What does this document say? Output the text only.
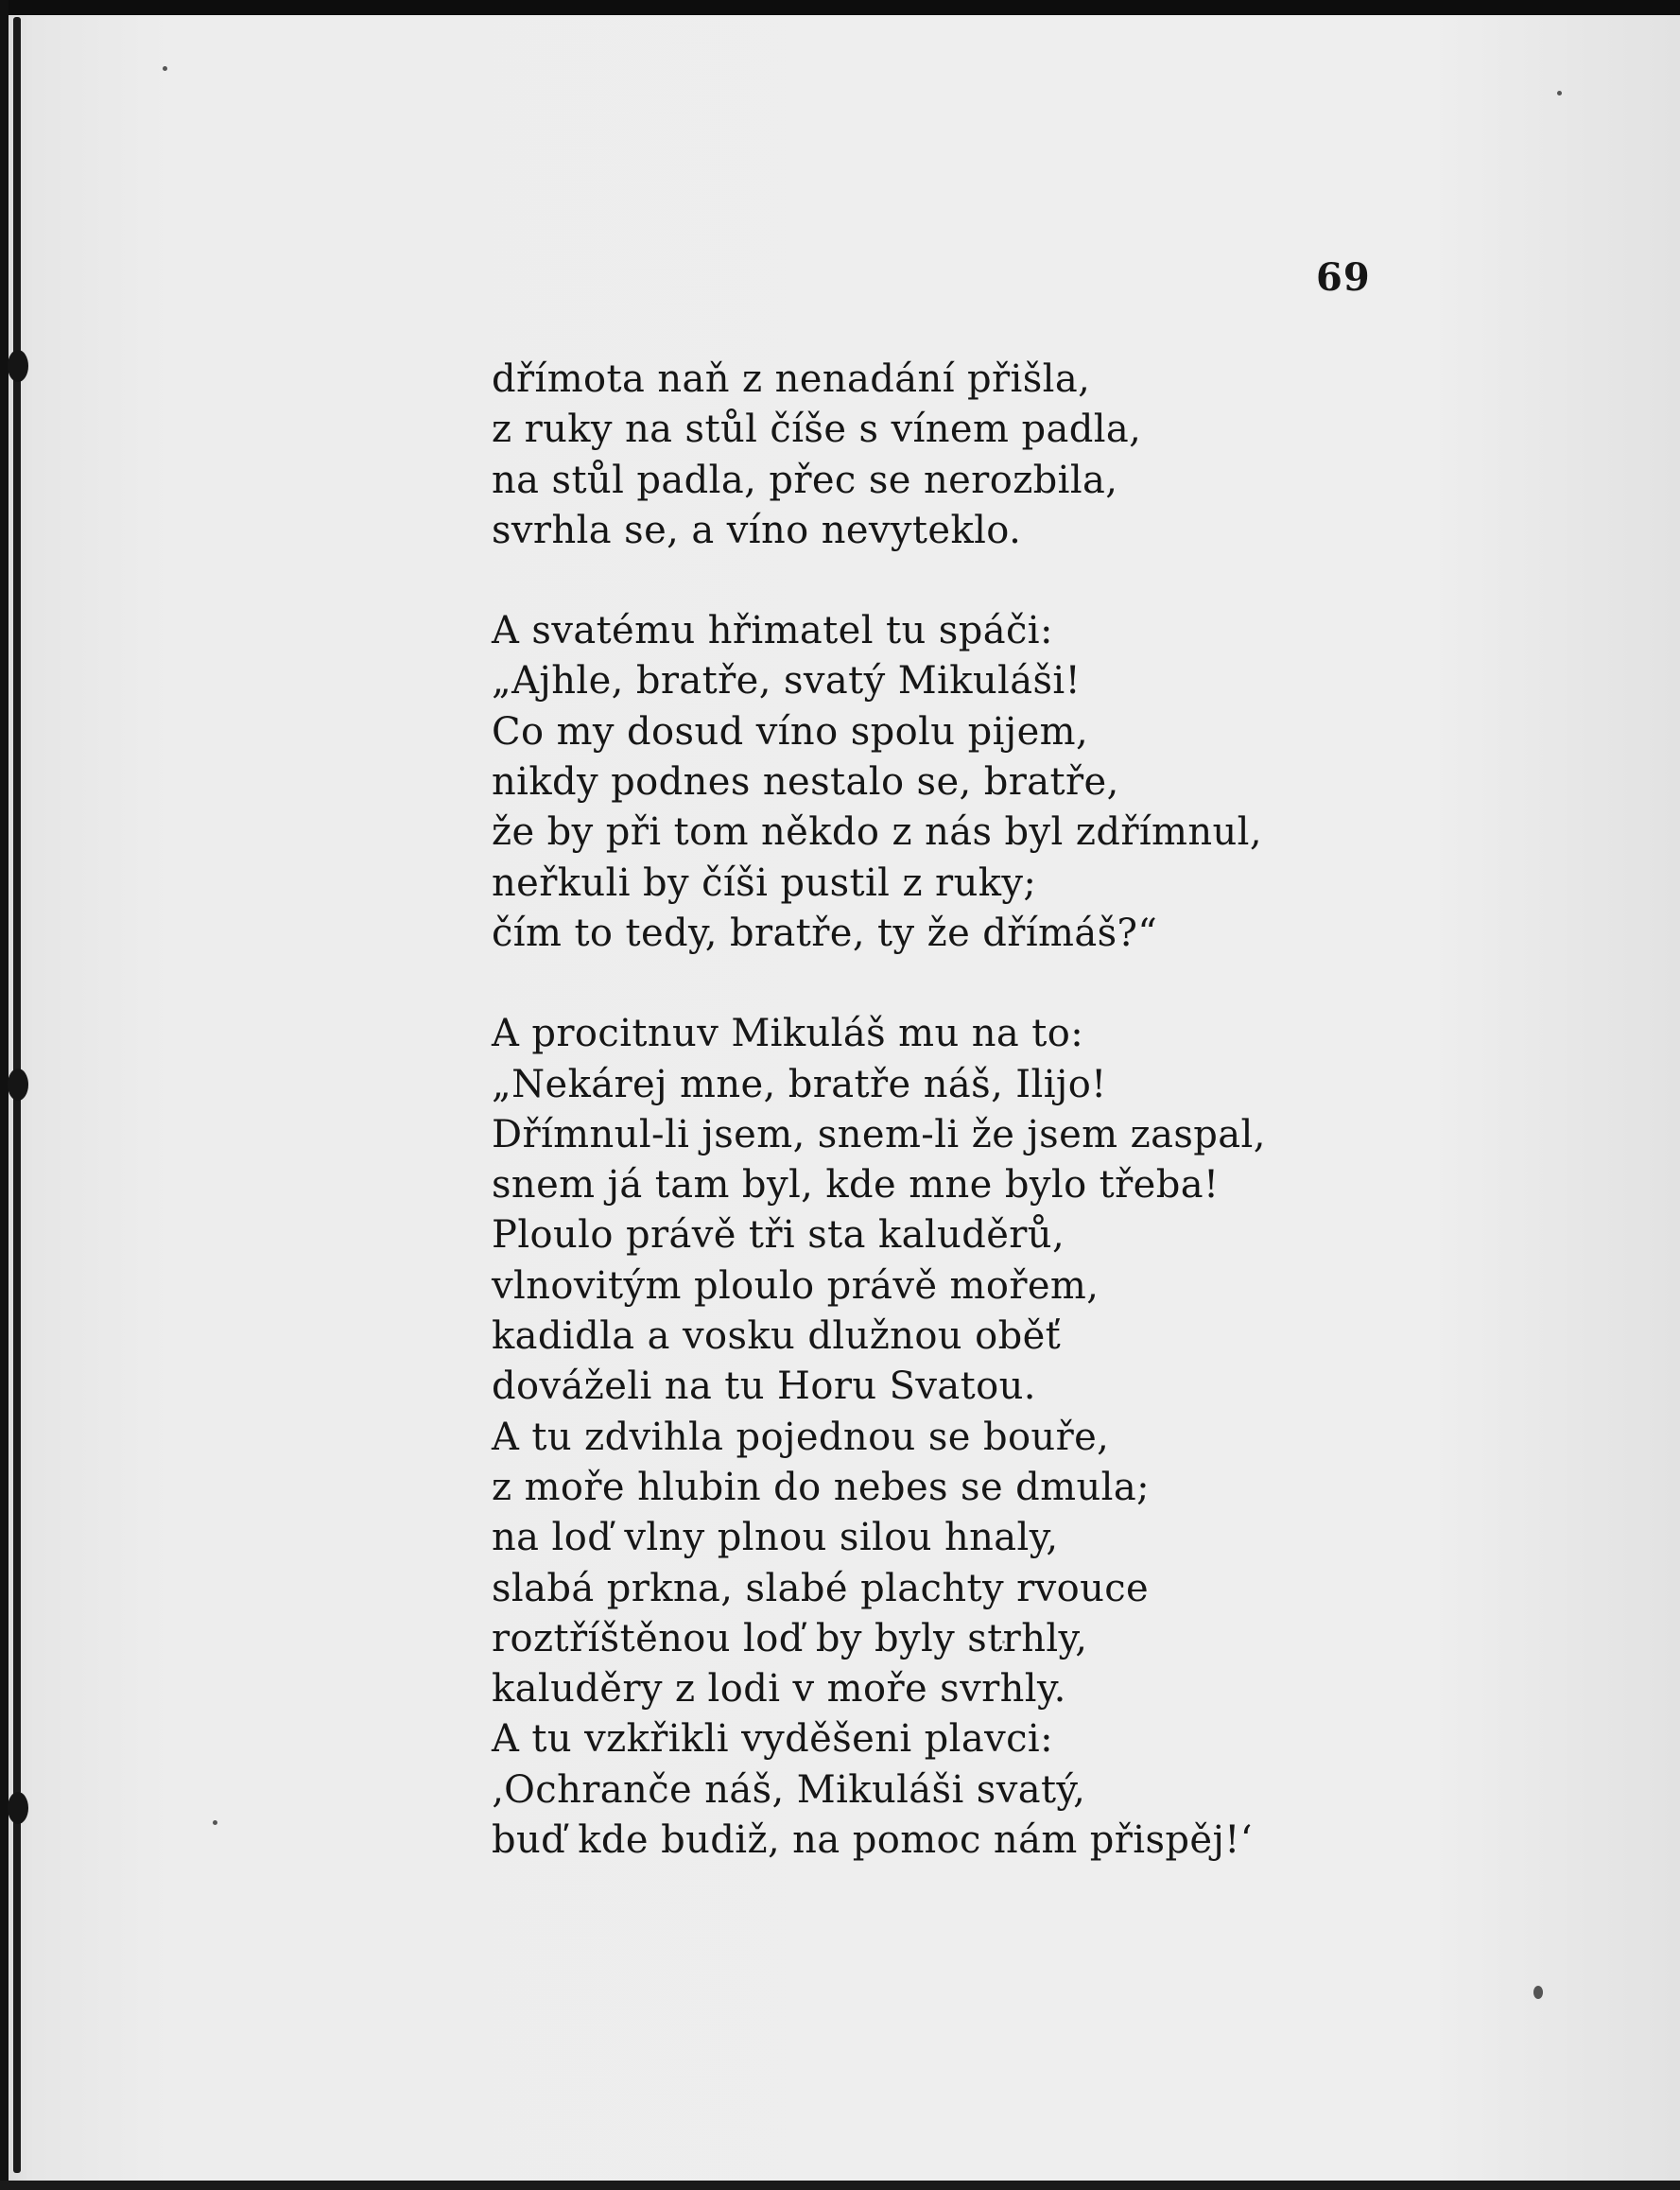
69
dřímota naň z nenadání přišla,
z ruky na stůl číše s vínem padla,
na stůl padla, přec se nerozbila,
svrhla se, a víno nevyteklo.
A svatému hřimatel tu spáči:
„Ajhle, bratře, svatý Mikuláši!
Co my dosud víno spolu pijem,
nikdy podnes nestalo se, bratře,
že by při tom někdo z nás byl zdřímnul,
neřkuli by číši pustil z ruky;
čím to tedy, bratře, ty že dřímáš?“
A procitnuv Mikuláš mu na to:
„Nekárej mne, bratře náš, Ilijo!
Dřímnul-li jsem, snem-li že jsem zaspal,
snem já tam byl, kde mne bylo třeba!
Ploulo právě tři sta kaluděrů,
vlnovitým ploulo právě mořem,
kadidla a vosku dlužnou oběť
dováželi na tu Horu Svatou.
A tu zdvihla pojednou se bouře,
z moře hlubin do nebes se dmula;
na loď vlny plnou silou hnaly,
slabá prkna, slabé plachty rvouce
roztříštěnou loď by byly strhly,
kaluděry z lodi v moře svrhly.
A tu vzkřikli vyděšeni plavci:
‚Ochranče náš, Mikuláši svatý,
buď kde budiž, na pomoc nám přispěj!‘
